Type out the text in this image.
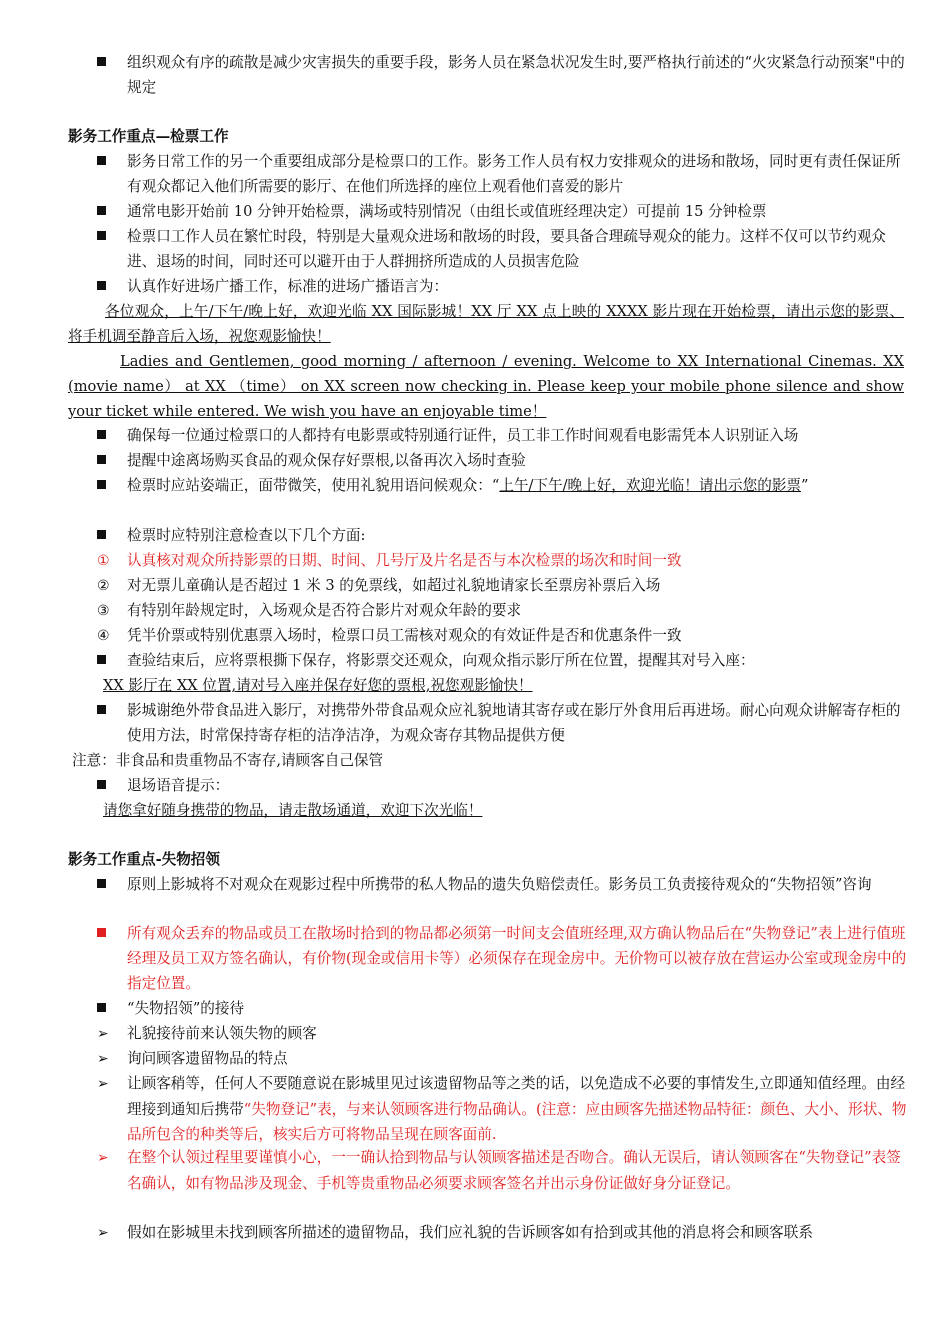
组织观众有序的疏散是减少灾害损失的重要手段，影务人员在紧急状况发生时,要严格执行前述的“火灾紧急行动预案"中的规定
影务工作重点—检票工作
影务日常工作的另一个重要组成部分是检票口的工作。影务工作人员有权力安排观众的进场和散场，同时更有责任保证所有观众都记入他们所需要的影厅、在他们所选择的座位上观看他们喜爱的影片
通常电影开始前 10 分钟开始检票，满场或特别情况（由组长或值班经理决定）可提前 15 分钟检票
检票口工作人员在繁忙时段，特别是大量观众进场和散场的时段，要具备合理疏导观众的能力。这样不仅可以节约观众进、退场的时间，同时还可以避开由于人群拥挤所造成的人员损害危险
认真作好进场广播工作，标准的进场广播语言为：
各位观众，上午/下午/晚上好，欢迎光临 XX 国际影城！XX 厅 XX 点上映的 XXXX 影片现在开始检票，请出示您的影票、将手机调至静音后入场，祝您观影愉快！
Ladies and Gentlemen, good morning / afternoon / evening. Welcome to XX International Cinemas. XX (movie name） at XX （time） on XX screen now checking in. Please keep your mobile phone silence and show your ticket while entered. We wish you have an enjoyable time！
确保每一位通过检票口的人都持有电影票或特别通行证件，员工非工作时间观看电影需凭本人识别证入场
提醒中途离场购买食品的观众保存好票根,以备再次入场时查验
检票时应站姿端正，面带微笑，使用礼貌用语问候观众：“上午/下午/晚上好，欢迎光临！请出示您的影票”
检票时应特别注意检查以下几个方面:
① 认真核对观众所持影票的日期、时间、几号厅及片名是否与本次检票的场次和时间一致
② 对无票儿童确认是否超过 1 米 3 的免票线，如超过礼貌地请家长至票房补票后入场
③ 有特别年龄规定时，入场观众是否符合影片对观众年龄的要求
④ 凭半价票或特别优惠票入场时，检票口员工需核对观众的有效证件是否和优惠条件一致
查验结束后，应将票根撕下保存，将影票交还观众，向观众指示影厅所在位置，提醒其对号入座：
XX 影厅在 XX 位置,请对号入座并保存好您的票根,祝您观影愉快！
影城谢绝外带食品进入影厅，对携带外带食品观众应礼貌地请其寄存或在影厅外食用后再进场。耐心向观众讲解寄存柜的使用方法，时常保持寄存柜的洁净洁净，为观众寄存其物品提供方便
注意：非食品和贵重物品不寄存,请顾客自己保管
退场语音提示：
请您拿好随身携带的物品，请走散场通道，欢迎下次光临！
影务工作重点-失物招领
原则上影城将不对观众在观影过程中所携带的私人物品的遗失负赔偿责任。影务员工负责接待观众的“失物招领”咨询
所有观众丢弃的物品或员工在散场时拾到的物品都必须第一时间支会值班经理,双方确认物品后在“失物登记”表上进行值班经理及员工双方签名确认，有价物(现金或信用卡等）必须保存在现金房中。无价物可以被存放在营运办公室或现金房中的指定位置。
“失物招领”的接待
➢ 礼貌接待前来认领失物的顾客
➢ 询问顾客遗留物品的特点
➢ 让顾客稍等，任何人不要随意说在影城里见过该遗留物品等之类的话，以免造成不必要的事情发生,立即通知值经理。由经理接到通知后携带“失物登记”表，与来认领顾客进行物品确认。(注意：应由顾客先描述物品特征：颜色、大小、形状、物品所包含的种类等后，核实后方可将物品呈现在顾客面前.
➢ 在整个认领过程里要谨慎小心，一一确认拾到物品与认领顾客描述是否吻合。确认无误后，请认领顾客在“失物登记”表签名确认，如有物品涉及现金、手机等贵重物品必须要求顾客签名并出示身份证做好身分证登记。
➢ 假如在影城里未找到顾客所描述的遗留物品，我们应礼貌的告诉顾客如有拾到或其他的消息将会和顾客联系
